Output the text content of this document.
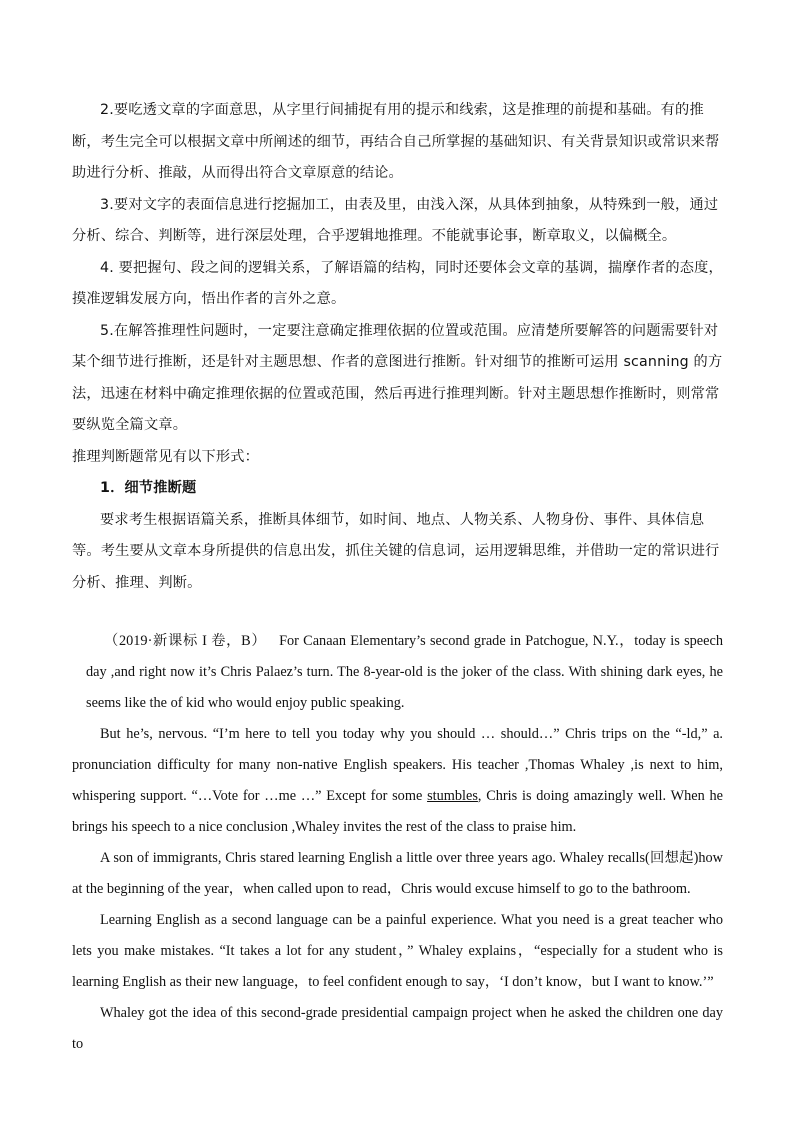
2.要吃透文章的字面意思，从字里行间捕捉有用的提示和线索，这是推理的前提和基础。有的推断，考生完全可以根据文章中所阐述的细节，再结合自己所掌握的基础知识、有关背景知识或常识来帮助进行分析、推敲，从而得出符合文章原意的结论。

3.要对文字的表面信息进行挖掘加工，由表及里，由浅入深，从具体到抽象，从特殊到一般，通过分析、综合、判断等，进行深层处理，合乎逻辑地推理。不能就事论事，断章取义，以偏概全。

4. 要把握句、段之间的逻辑关系，了解语篇的结构，同时还要体会文章的基调，揣摩作者的态度，摸准逻辑发展方向，悟出作者的言外之意。

5.在解答推理性问题时，一定要注意确定推理依据的位置或范围。应清楚所要解答的问题需要针对某个细节进行推断，还是针对主题思想、作者的意图进行推断。针对细节的推断可运用 scanning 的方法，迅速在材料中确定推理依据的位置或范围，然后再进行推理判断。针对主题思想作推断时，则常常要纵览全篇文章。

推理判断题常见有以下形式：

1．细节推断题

要求考生根据语篇关系，推断具体细节，如时间、地点、人物关系、人物身份、事件、具体信息等。考生要从文章本身所提供的信息出发，抓住关键的信息词，运用逻辑思维，并借助一定的常识进行分析、推理、判断。

（2019·新课标 I 卷，B） For Canaan Elementary’s second grade in Patchogue, N.Y.，today is speech day ,and right now it’s Chris Palaez’s turn. The 8-year-old is the joker of the class. With shining dark eyes, he seems like the of kid who would enjoy public speaking.

But he’s, nervous. “I’m here to tell you today why you should … should…” Chris trips on the “-ld,” a. pronunciation difficulty for many non-native English speakers. His teacher ,Thomas Whaley ,is next to him, whispering support. “…Vote for …me …” Except for some stumbles, Chris is doing amazingly well. When he brings his speech to a nice conclusion ,Whaley invites the rest of the class to praise him.

A son of immigrants, Chris stared learning English a little over three years ago. Whaley recalls(回想起)how at the beginning of the year，when called upon to read，Chris would excuse himself to go to the bathroom.

Learning English as a second language can be a painful experience. What you need is a great teacher who lets you make mistakes. “It takes a lot for any student，” Whaley explains，“especially for a student who is learning English as their new language，to feel confident enough to say，‘I don’t know，but I want to know.’”

Whaley got the idea of this second-grade presidential campaign project when he asked the children one day to
